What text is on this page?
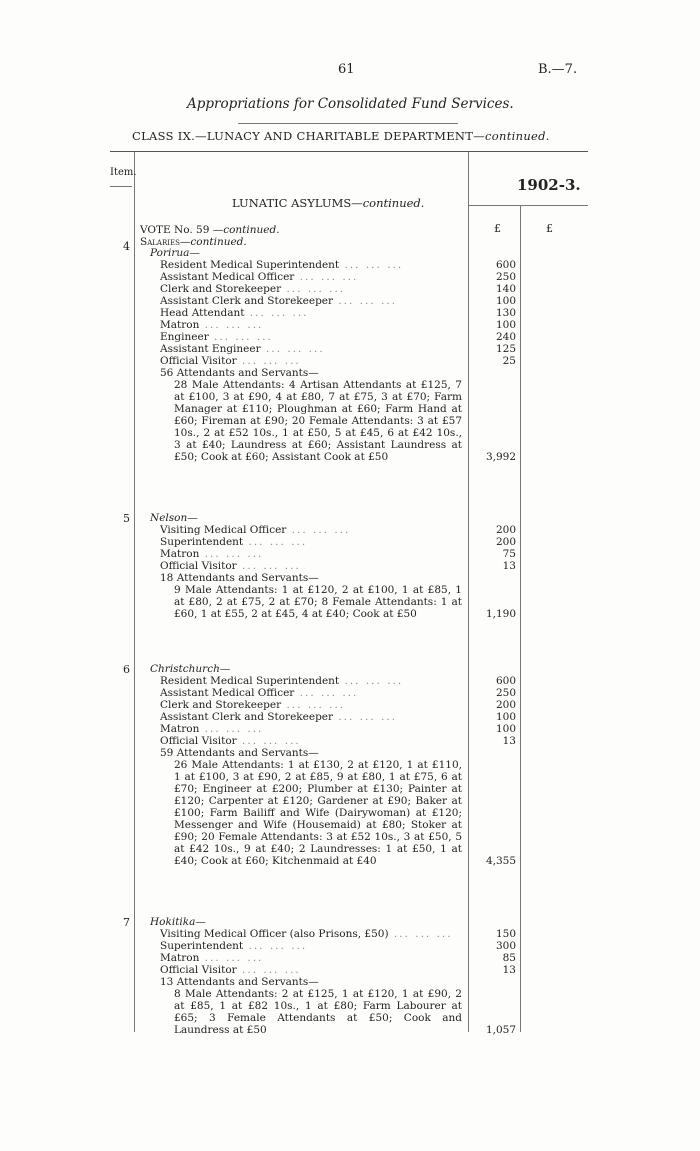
61	B.—7.
Appropriations for Consolidated Fund Services.
CLASS IX.—LUNACY AND CHARITABLE DEPARTMENT—continued.
Item.
1902-3.
LUNATIC ASYLUMS—continued.
£	£
VOTE No. 59 —continued.
Salaries—continued.
4 Porirua—
Resident Medical Superintendent ... ... ...	600
Assistant Medical Officer ... ... ...	250
Clerk and Storekeeper ... ... ...	140
Assistant Clerk and Storekeeper ... ... ...	100
Head Attendant ... ... ...	130
Matron ... ... ...	100
Engineer ... ... ...	240
Assistant Engineer ... ... ...	125
Official Visitor ... ... ...	25
56 Attendants and Servants—
28 Male Attendants: 4 Artisan Attendants at £125, 7 at £100, 3 at £90, 4 at £80, 7 at £75, 3 at £70; Farm Manager at £110; Ploughman at £60; Farm Hand at £60; Fireman at £90; 20 Female Attendants: 3 at £57 10s., 2 at £52 10s., 1 at £50, 5 at £45, 6 at £42 10s., 3 at £40; Laundress at £60; Assistant Laundress at £50; Cook at £60; Assistant Cook at £50	3,992
5 Nelson—
Visiting Medical Officer ... ... ...	200
Superintendent ... ... ...	200
Matron ... ... ...	75
Official Visitor ... ... ...	13
18 Attendants and Servants—
9 Male Attendants: 1 at £120, 2 at £100, 1 at £85, 1 at £80, 2 at £75, 2 at £70; 8 Female Attendants: 1 at £60, 1 at £55, 2 at £45, 4 at £40; Cook at £50	1,190
6 Christchurch—
Resident Medical Superintendent ... ... ...	600
Assistant Medical Officer ... ... ...	250
Clerk and Storekeeper ... ... ...	200
Assistant Clerk and Storekeeper ... ... ...	100
Matron ... ... ...	100
Official Visitor ... ... ...	13
59 Attendants and Servants—
26 Male Attendants: 1 at £130, 2 at £120, 1 at £110, 1 at £100, 3 at £90, 2 at £85, 9 at £80, 1 at £75, 6 at £70; Engineer at £200; Plumber at £130; Painter at £120; Carpenter at £120; Gardener at £90; Baker at £100; Farm Bailiff and Wife (Dairywoman) at £120; Messenger and Wife (Housemaid) at £80; Stoker at £90; 20 Female Attendants: 3 at £52 10s., 3 at £50, 5 at £42 10s., 9 at £40; 2 Laundresses: 1 at £50, 1 at £40; Cook at £60; Kitchenmaid at £40	4,355
7 Hokitika—
Visiting Medical Officer (also Prisons, £50) ... ... ...	150
Superintendent ... ... ...	300
Matron ... ... ...	85
Official Visitor ... ... ...	13
13 Attendants and Servants—
8 Male Attendants: 2 at £125, 1 at £120, 1 at £90, 2 at £85, 1 at £82 10s., 1 at £80; Farm Labourer at £65; 3 Female Attendants at £50; Cook and Laundress at £50	1,057
